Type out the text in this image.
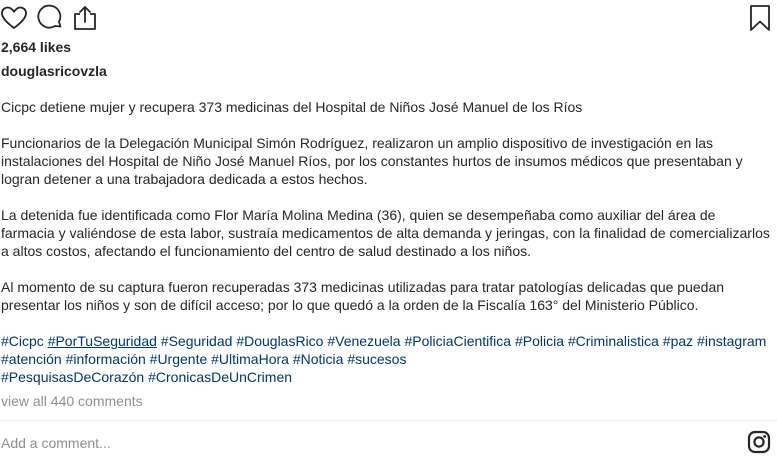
2,664 likes
douglasricovzla

Cicpc detiene mujer y recupera 373 medicinas del Hospital de Niños José Manuel de los Ríos

Funcionarios de la Delegación Municipal Simón Rodríguez, realizaron un amplio dispositivo de investigación en las instalaciones del Hospital de Niño José Manuel Ríos, por los constantes hurtos de insumos médicos que presentaban y logran detener a una trabajadora dedicada a estos hechos.

La detenida fue identificada como Flor María Molina Medina (36), quien se desempeñaba como auxiliar del área de farmacia y valiéndose de esta labor, sustraía medicamentos de alta demanda y jeringas, con la finalidad de comercializarlos a altos costos, afectando el funcionamiento del centro de salud destinado a los niños.

Al momento de su captura fueron recuperadas 373 medicinas utilizadas para tratar patologías delicadas que puedan presentar los niños y son de difícil acceso; por lo que quedó a la orden de la Fiscalía 163° del Ministerio Público.

#Cicpc #PorTuSeguridad #Seguridad #DouglasRico #Venezuela #PoliciaCientifica #Policia #Criminalistica #paz #instagram #atención #información #Urgente #UltimaHora #Noticia #sucesos
#PesquisasDeCorazón #CronicasDeUnCrimen
view all 440 comments
Add a comment...
